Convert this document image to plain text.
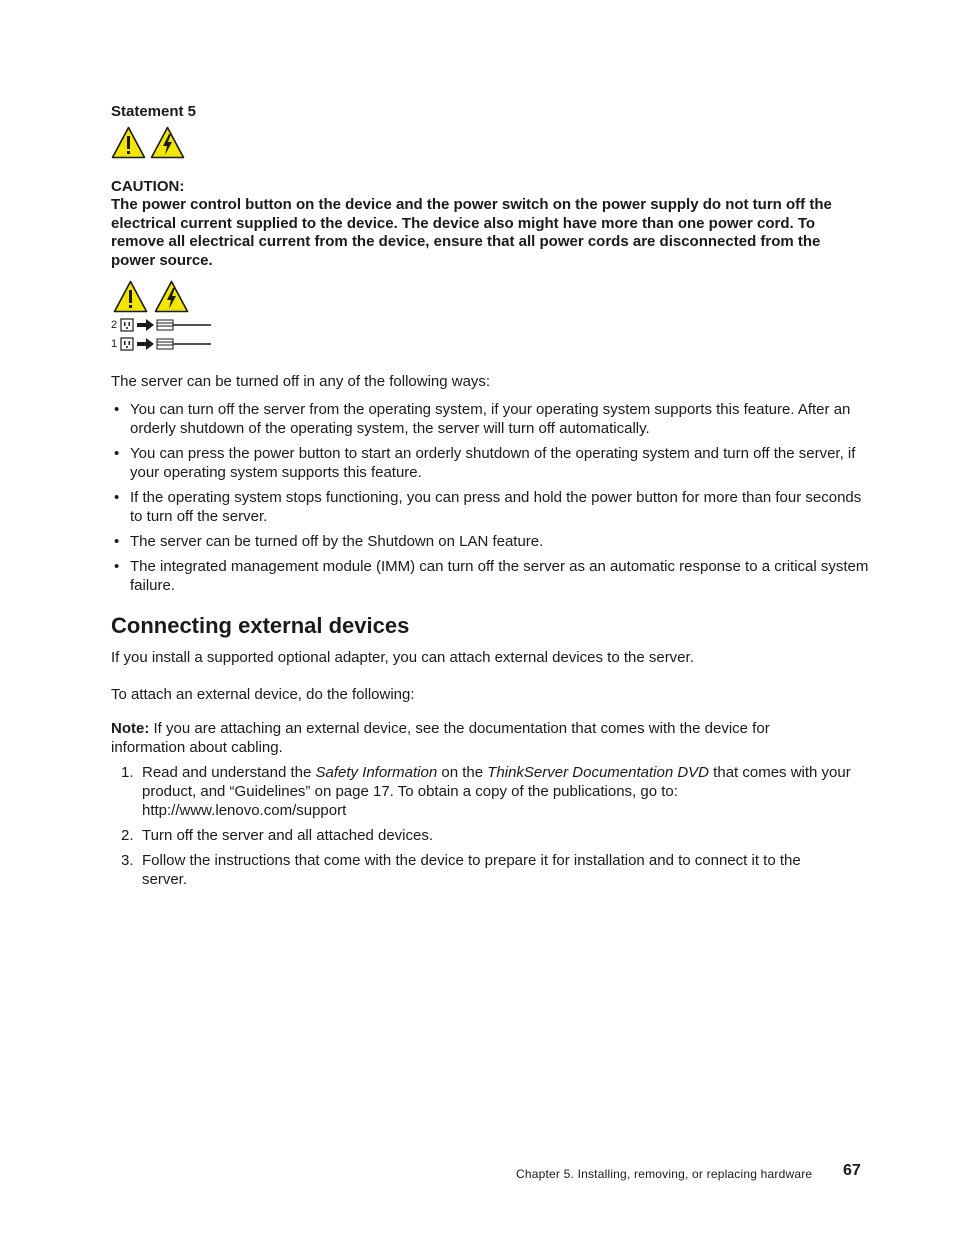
Statement 5
CAUTION:
The power control button on the device and the power switch on the power supply do not turn off the electrical current supplied to the device. The device also might have more than one power cord. To remove all electrical current from the device, ensure that all power cords are disconnected from the power source.
2
1
The server can be turned off in any of the following ways:
• You can turn off the server from the operating system, if your operating system supports this feature. After an orderly shutdown of the operating system, the server will turn off automatically.
• You can press the power button to start an orderly shutdown of the operating system and turn off the server, if your operating system supports this feature.
• If the operating system stops functioning, you can press and hold the power button for more than four seconds to turn off the server.
• The server can be turned off by the Shutdown on LAN feature.
• The integrated management module (IMM) can turn off the server as an automatic response to a critical system failure.
Connecting external devices
If you install a supported optional adapter, you can attach external devices to the server.
To attach an external device, do the following:
Note: If you are attaching an external device, see the documentation that comes with the device for information about cabling.
1. Read and understand the Safety Information on the ThinkServer Documentation DVD that comes with your product, and “Guidelines” on page 17. To obtain a copy of the publications, go to:
http://www.lenovo.com/support
2. Turn off the server and all attached devices.
3. Follow the instructions that come with the device to prepare it for installation and to connect it to the server.
Chapter 5. Installing, removing, or replacing hardware 67
